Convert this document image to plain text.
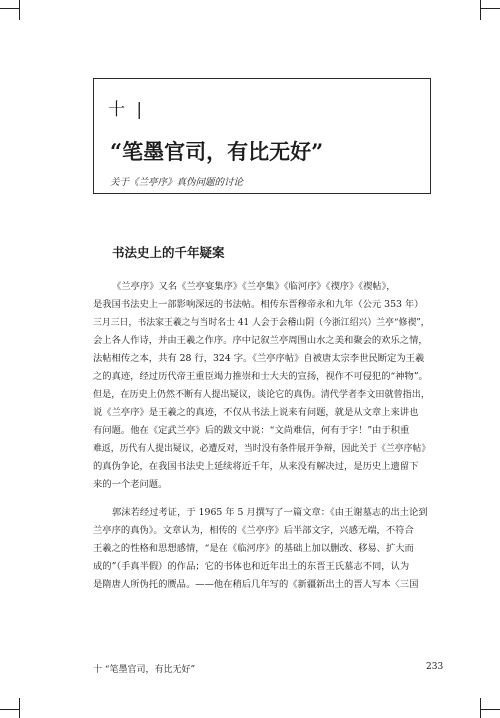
十 |
“笔墨官司，有比无好”
关于《兰亭序》真伪问题的讨论
书法史上的千年疑案
《兰亭序》又名《兰亭宴集序》《兰亭集》《临河序》《禊序》《禊帖》，
是我国书法史上一部影响深远的书法帖。相传东晋穆帝永和九年（公元 353 年）
三月三日，书法家王羲之与当时名士 41 人会于会稽山阴（今浙江绍兴）兰亭“修禊”，
会上各人作诗，并由王羲之作序。序中记叙兰亭周围山水之美和聚会的欢乐之情，
法帖相传之本，共有 28 行，324 字。《兰亭序帖》自被唐太宗李世民断定为王羲
之的真迹，经过历代帝王重臣竭力推崇和士大夫的宣扬，视作不可侵犯的“神物”。
但是，在历史上仍然不断有人提出疑议，谈论它的真伪。清代学者李文田就曾指出，
说《兰亭序》是王羲之的真迹，不仅从书法上说来有问题，就是从文章上来讲也
有问题。他在《定武兰亭》后的跋文中说：“文尚难信，何有于字！”由于积重
难返，历代有人提出疑议，必遭反对，当时没有条件展开争辩，因此关于《兰亭序帖》
的真伪争论，在我国书法史上延续将近千年，从来没有解决过，是历史上遗留下
来的一个老问题。
郭沫若经过考证，于 1965 年 5 月撰写了一篇文章：《由王谢墓志的出土论到
兰亭序的真伪》。文章认为，相传的《兰亭序》后半部文字，兴感无端，不符合
王羲之的性格和思想感情，“是在《临河序》的基础上加以删改、移易、扩大而
成的”（手真半假）的作品；它的书体也和近年出土的东晋王氏墓志不同，认为
是隋唐人所伪托的赝品。——他在稍后几年写的《新疆新出土的晋人写本〈三国
十 “笔墨官司，有比无好”	233
